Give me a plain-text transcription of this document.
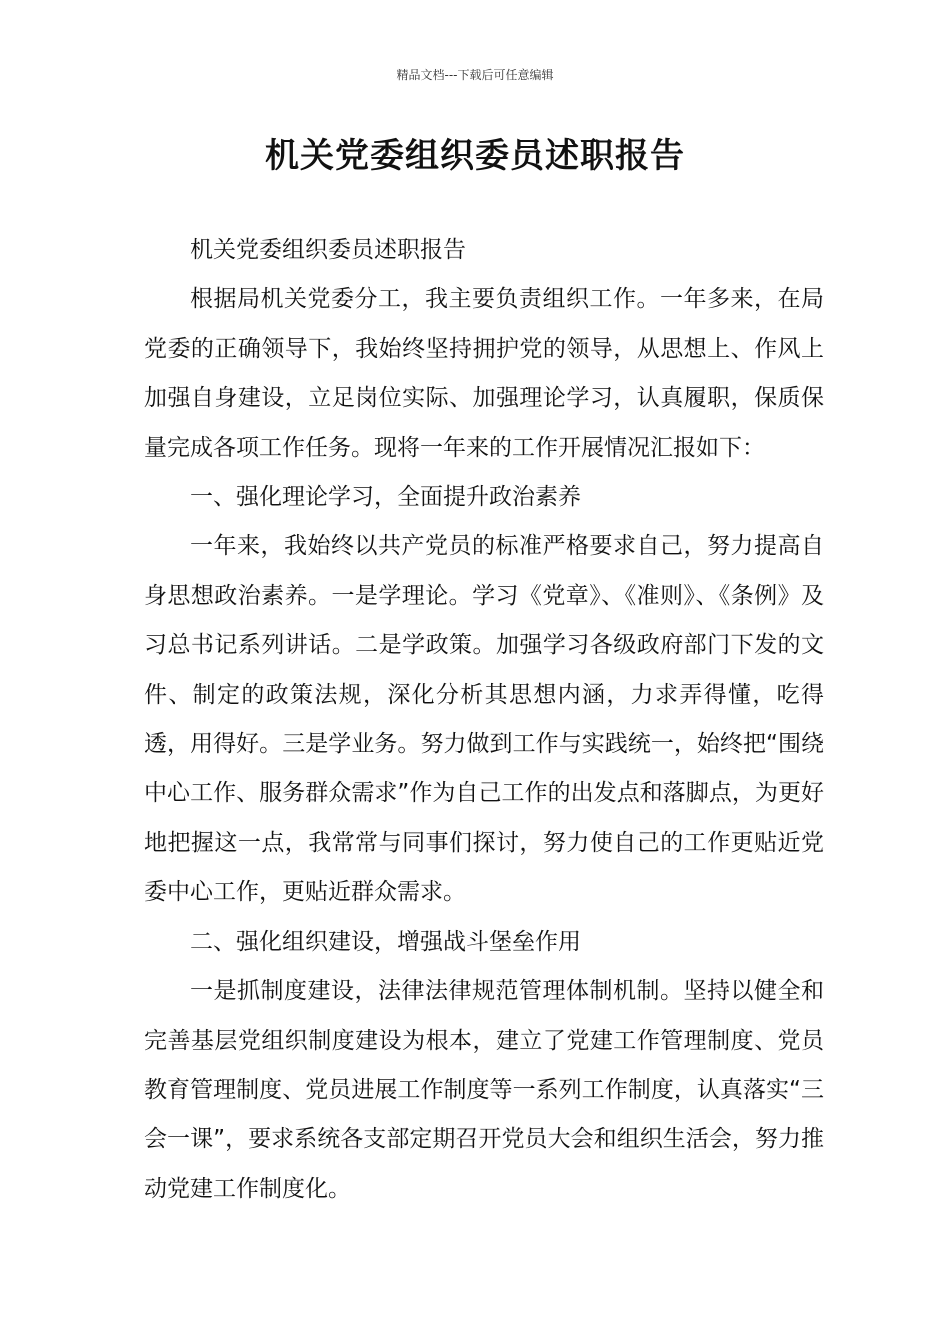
精品文档---下载后可任意编辑
机关党委组织委员述职报告

机关党委组织委员述职报告

根据局机关党委分工，我主要负责组织工作。一年多来，在局党委的正确领导下，我始终坚持拥护党的领导，从思想上、作风上加强自身建设，立足岗位实际、加强理论学习，认真履职，保质保量完成各项工作任务。现将一年来的工作开展情况汇报如下：

一、强化理论学习，全面提升政治素养

一年来，我始终以共产党员的标准严格要求自己，努力提高自身思想政治素养。一是学理论。学习《党章》、《准则》、《条例》及习总书记系列讲话。二是学政策。加强学习各级政府部门下发的文件、制定的政策法规，深化分析其思想内涵，力求弄得懂，吃得透，用得好。三是学业务。努力做到工作与实践统一，始终把“围绕中心工作、服务群众需求”作为自己工作的出发点和落脚点，为更好地把握这一点，我常常与同事们探讨，努力使自己的工作更贴近党委中心工作，更贴近群众需求。

二、强化组织建设，增强战斗堡垒作用

一是抓制度建设，法律法律规范管理体制机制。坚持以健全和完善基层党组织制度建设为根本，建立了党建工作管理制度、党员教育管理制度、党员进展工作制度等一系列工作制度，认真落实“三会一课”，要求系统各支部定期召开党员大会和组织生活会，努力推动党建工作制度化。
